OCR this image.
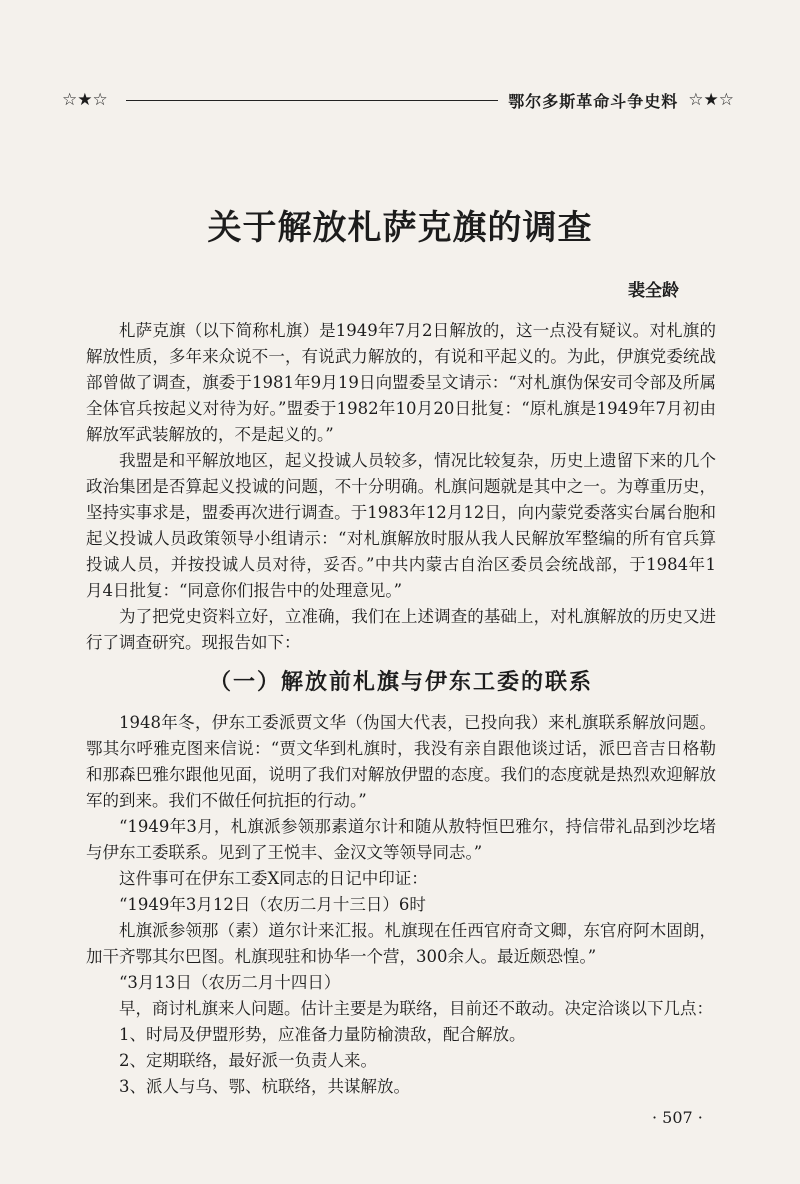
☆★☆	鄂尔多斯革命斗争史料 ☆★☆
关于解放札萨克旗的调查
裴全龄

札萨克旗（以下简称札旗）是1949年7月2日解放的，这一点没有疑议。对札旗的解放性质，多年来众说不一，有说武力解放的，有说和平起义的。为此，伊旗党委统战部曾做了调查，旗委于1981年9月19日向盟委呈文请示：“对札旗伪保安司令部及所属全体官兵按起义对待为好。”盟委于1982年10月20日批复：“原札旗是1949年7月初由解放军武装解放的，不是起义的。”

我盟是和平解放地区，起义投诚人员较多，情况比较复杂，历史上遗留下来的几个政治集团是否算起义投诚的问题，不十分明确。札旗问题就是其中之一。为尊重历史，坚持实事求是，盟委再次进行调查。于1983年12月12日，向内蒙党委落实台属台胞和起义投诚人员政策领导小组请示：“对札旗解放时服从我人民解放军整编的所有官兵算投诚人员，并按投诚人员对待，妥否。”中共内蒙古自治区委员会统战部，于1984年1月4日批复：“同意你们报告中的处理意见。”

为了把党史资料立好，立准确，我们在上述调查的基础上，对札旗解放的历史又进行了调查研究。现报告如下：

（一）解放前札旗与伊东工委的联系

1948年冬，伊东工委派贾文华（伪国大代表，已投向我）来札旗联系解放问题。鄂其尔呼雅克图来信说：“贾文华到札旗时，我没有亲自跟他谈过话，派巴音吉日格勒和那森巴雅尔跟他见面，说明了我们对解放伊盟的态度。我们的态度就是热烈欢迎解放军的到来。我们不做任何抗拒的行动。”

“1949年3月，札旗派参领那素道尔计和随从敖特恒巴雅尔，持信带礼品到沙圪堵与伊东工委联系。见到了王悦丰、金汉文等领导同志。”

这件事可在伊东工委X同志的日记中印证：

“1949年3月12日（农历二月十三日）6时

札旗派参领那（素）道尔计来汇报。札旗现在任西官府奇文卿，东官府阿木固朗，加干齐鄂其尔巴图。札旗现驻和协华一个营，300余人。最近颇恐惶。”

“3月13日（农历二月十四日）

早，商讨札旗来人问题。估计主要是为联络，目前还不敢动。决定洽谈以下几点：

1、时局及伊盟形势，应准备力量防榆溃敌，配合解放。

2、定期联络，最好派一负责人来。

3、派人与乌、鄂、杭联络，共谋解放。

· 507 ·
